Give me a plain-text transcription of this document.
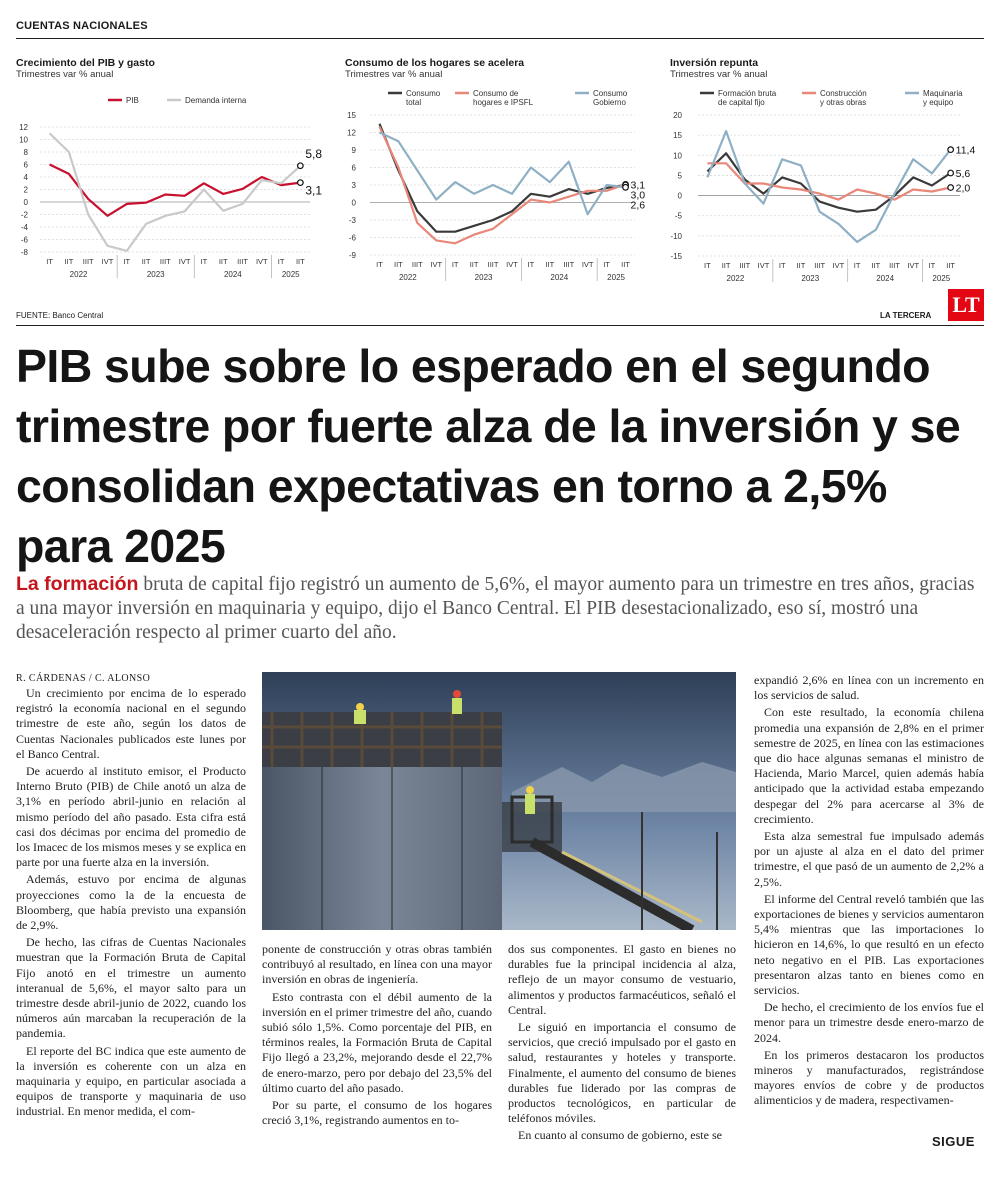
CUENTAS NACIONALES
Crecimiento del PIB y gasto
Trimestres var % anual
12
10
8
6
4
2
0
-2
-4
-6
-8
IT IIT IIIT IVT IT IIT IIIT IVT IT IIT IIIT IVT IT IIT
2022	2023	2024	2025
PIB	Demanda interna
5,8
3,1
Consumo de los hogares se acelera
Trimestres var % anual
15
12
9
6
3
0
-3
-6
-9
IT IIT IIIT IVT IT IIT IIIT IVT IT IIT IIIT IVT IT IIT
2022	2023	2024	2025
Consumo
total
Consumo de
hogares e IPSFL
Consumo
Gobierno
3,1
3,0
2,6
Inversión repunta
Trimestres var % anual
20
15
10
5
0
-5
-10
-15
IT IIT IIIT IVT IT IIT IIIT IVT IT IIT IIIT IVT IT IIT
2022	2023	2024	2025
Formación bruta
de capital fijo
Construcción
y otras obras
Maquinaria
y equipo
11,4
5,6
2,0
FUENTE: Banco Central	LA TERCERA LT
PIB sube sobre lo esperado en el segundo trimestre por fuerte alza de la inversión y se consolidan expectativas en torno a 2,5% para 2025
La formación bruta de capital fijo registró un aumento de 5,6%, el mayor aumento para un trimestre en tres años, gracias a una mayor inversión en maquinaria y equipo, dijo el Banco Central. El PIB desestacionalizado, eso sí, mostró una desaceleración respecto al primer cuarto del año.
R. CÁRDENAS / C. ALONSO

Un crecimiento por encima de lo esperado registró la economía nacional en el segundo trimestre de este año, según los datos de Cuentas Nacionales publicados este lunes por el Banco Central.

De acuerdo al instituto emisor, el Producto Interno Bruto (PIB) de Chile anotó un alza de 3,1% en período abril-junio en relación al mismo período del año pasado. Esta cifra está casi dos décimas por encima del promedio de los Imacec de los mismos meses y se explica en parte por una fuerte alza en la inversión.

Además, estuvo por encima de algunas proyecciones como la de la encuesta de Bloomberg, que había previsto una expansión de 2,9%.

De hecho, las cifras de Cuentas Nacionales muestran que la Formación Bruta de Capital Fijo anotó en el trimestre un aumento interanual de 5,6%, el mayor salto para un trimestre desde abril-junio de 2022, cuando los números aún marcaban la recuperación de la pandemia.

El reporte del BC indica que este aumento de la inversión es coherente con un alza en maquinaria y equipo, en particular asociada a equipos de transporte y maquinaria de uso industrial. En menor medida, el com-

ponente de construcción y otras obras también contribuyó al resultado, en línea con una mayor inversión en obras de ingeniería.

Esto contrasta con el débil aumento de la inversión en el primer trimestre del año, cuando subió sólo 1,5%. Como porcentaje del PIB, en términos reales, la Formación Bruta de Capital Fijo llegó a 23,2%, mejorando desde el 22,7% de enero-marzo, pero por debajo del 23,5% del último cuarto del año pasado.

Por su parte, el consumo de los hogares creció 3,1%, registrando aumentos en to-

dos sus componentes. El gasto en bienes no durables fue la principal incidencia al alza, reflejo de un mayor consumo de vestuario, alimentos y productos farmacéuticos, señaló el Central.

Le siguió en importancia el consumo de servicios, que creció impulsado por el gasto en salud, restaurantes y hoteles y transporte. Finalmente, el aumento del consumo de bienes durables fue liderado por las compras de productos tecnológicos, en particular de teléfonos móviles.

En cuanto al consumo de gobierno, este se

expandió 2,6% en línea con un incremento en los servicios de salud.

Con este resultado, la economía chilena promedia una expansión de 2,8% en el primer semestre de 2025, en línea con las estimaciones que dio hace algunas semanas el ministro de Hacienda, Mario Marcel, quien además había anticipado que la actividad estaba empezando despegar del 2% para acercarse al 3% de crecimiento.

Esta alza semestral fue impulsado además por un ajuste al alza en el dato del primer trimestre, el que pasó de un aumento de 2,2% a 2,5%.

El informe del Central reveló también que las exportaciones de bienes y servicios aumentaron 5,4% mientras que las importaciones lo hicieron en 14,6%, lo que resultó en un efecto neto negativo en el PIB. Las exportaciones presentaron alzas tanto en bienes como en servicios.

De hecho, el crecimiento de los envíos fue el menor para un trimestre desde enero-marzo de 2024.

En los primeros destacaron los productos mineros y manufacturados, registrándose mayores envíos de cobre y de productos alimenticios y de madera, respectivamen-

SIGUE
